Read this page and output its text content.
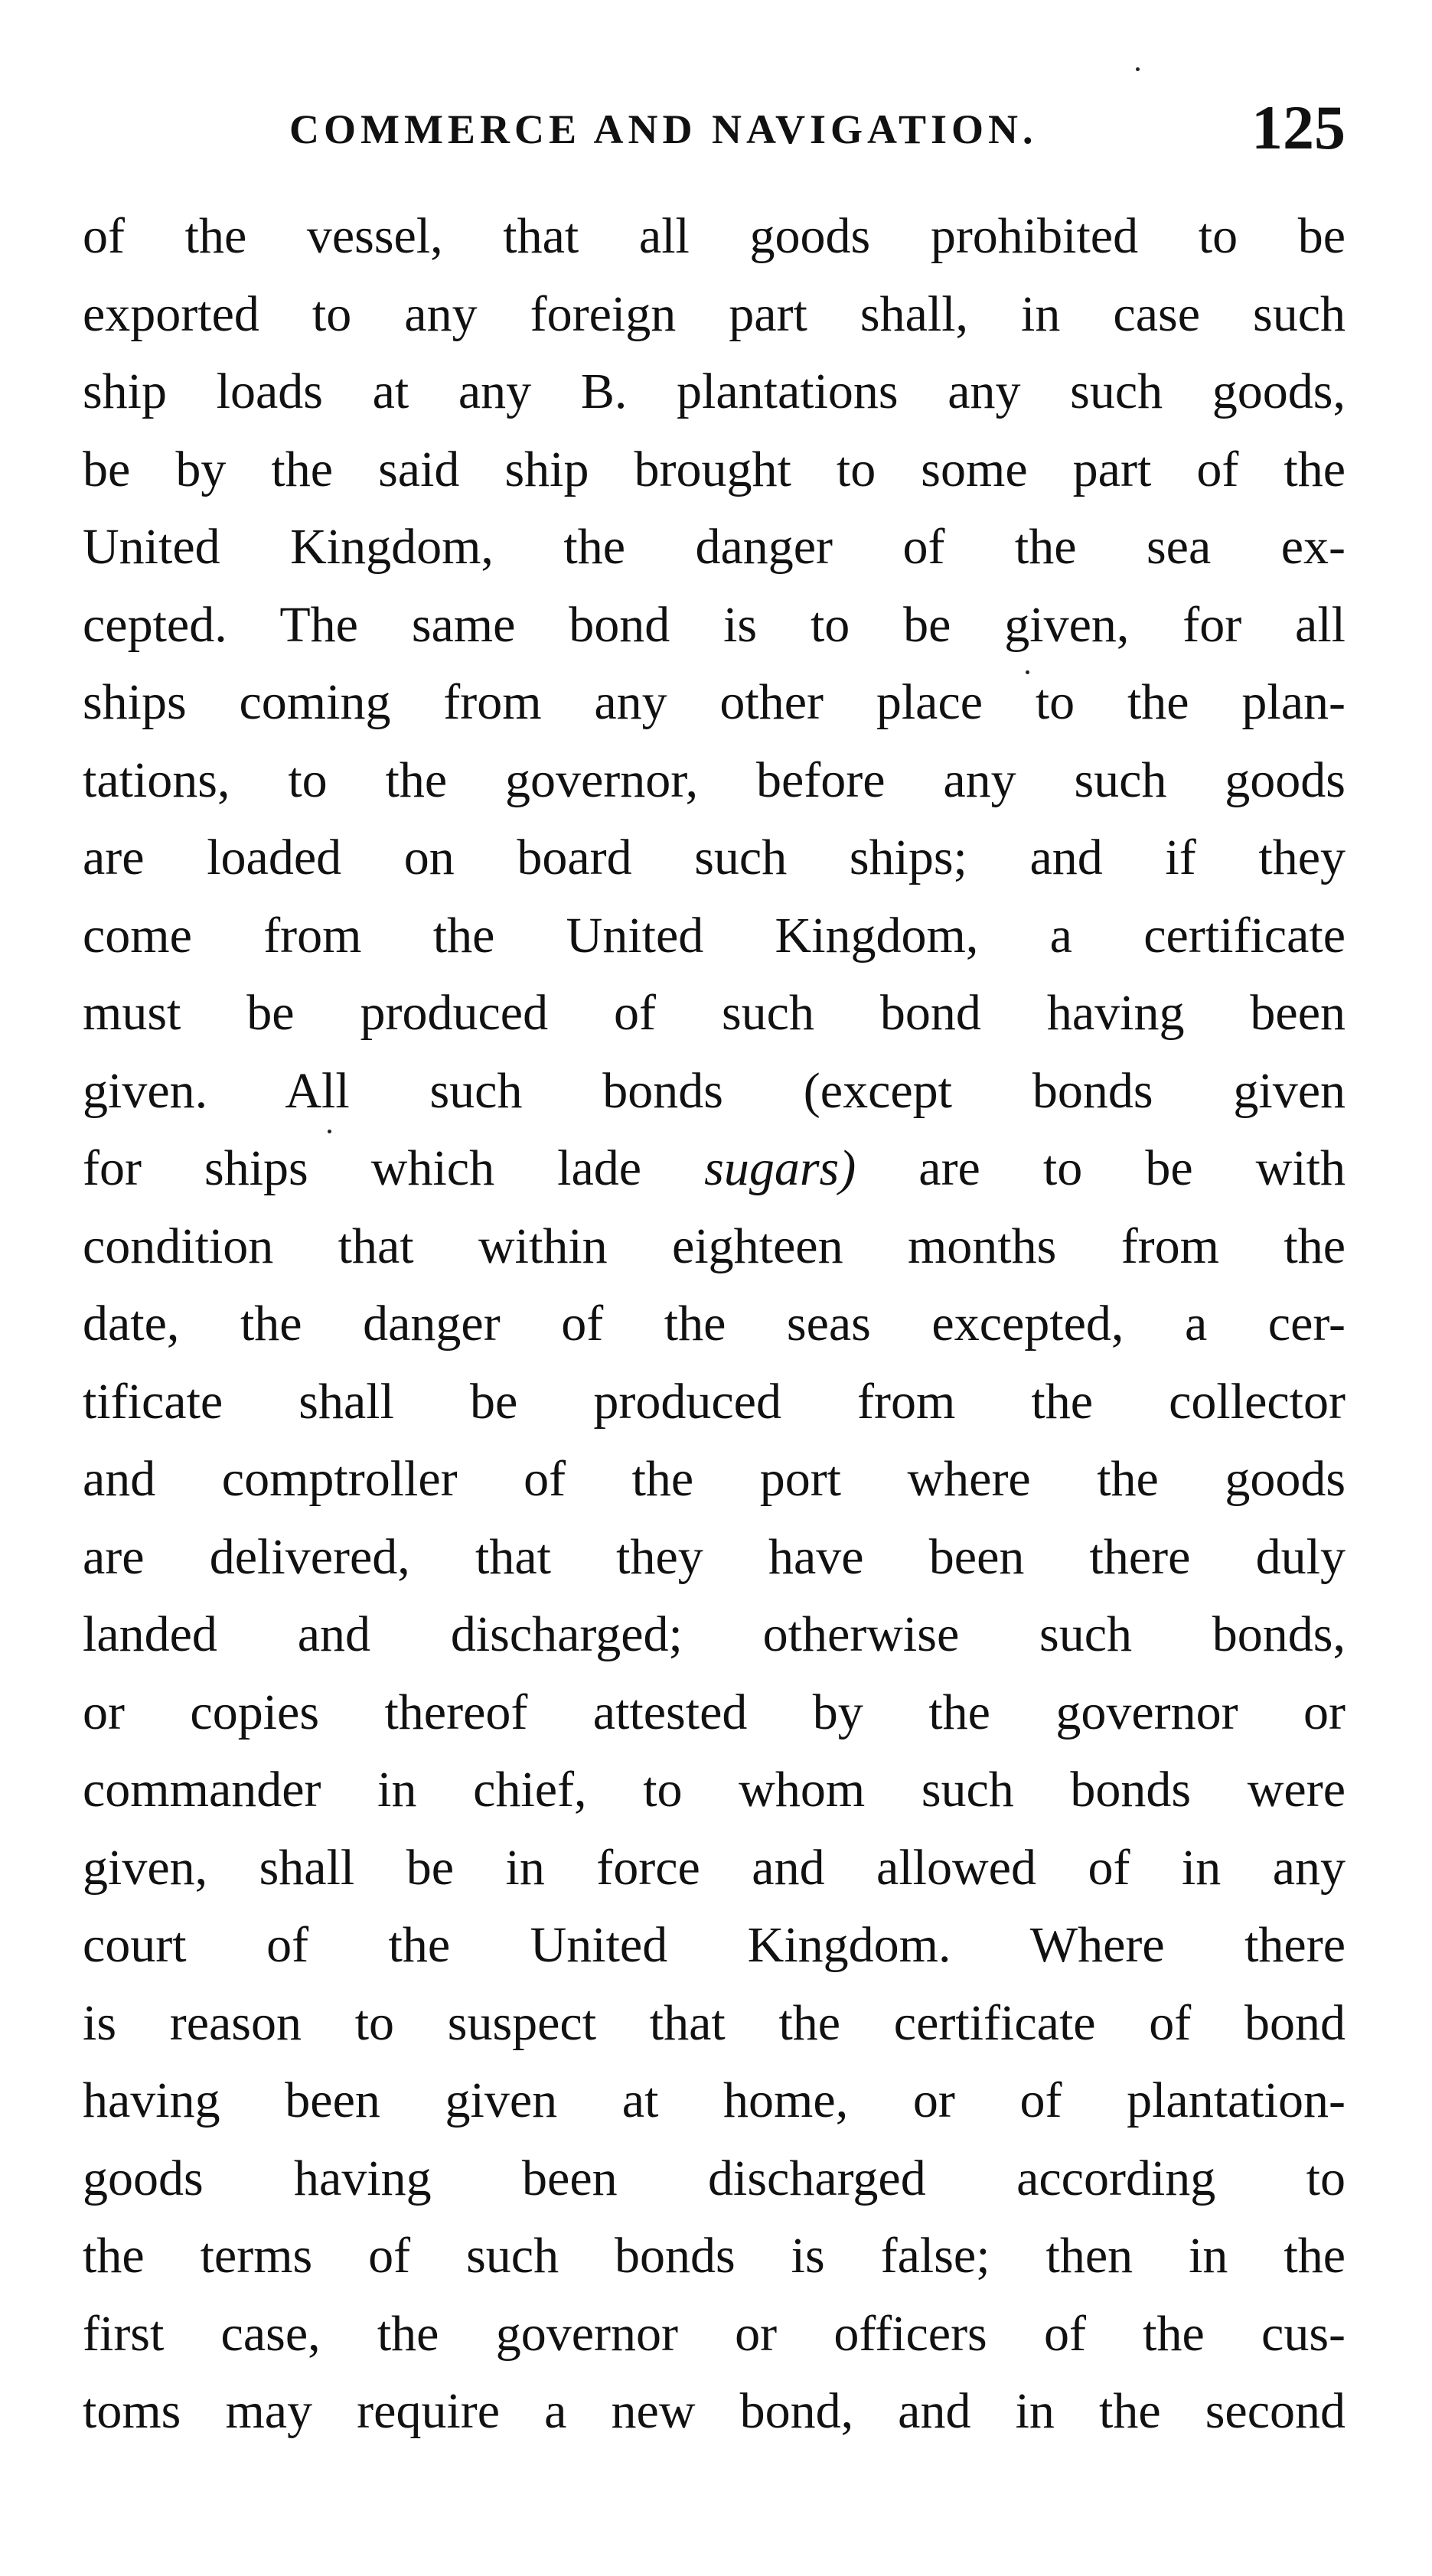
COMMERCE AND NAVIGATION.	125
of the vessel, that all goods prohibited to be
exported to any foreign part shall, in case such
ship loads at any B. plantations any such goods,
be by the said ship brought to some part of the
United Kingdom, the danger of the sea ex-
cepted. The same bond is to be given, for all
ships coming from any other place to the plan-
tations, to the governor, before any such goods
are loaded on board such ships; and if they
come from the United Kingdom, a certificate
must be produced of such bond having been
given. All such bonds (except bonds given
for ships which lade sugars) are to be with
condition that within eighteen months from the
date, the danger of the seas excepted, a cer-
tificate shall be produced from the collector
and comptroller of the port where the goods
are delivered, that they have been there duly
landed and discharged; otherwise such bonds,
or copies thereof attested by the governor or
commander in chief, to whom such bonds were
given, shall be in force and allowed of in any
court of the United Kingdom. Where there
is reason to suspect that the certificate of bond
having been given at home, or of plantation-
goods having been discharged according to
the terms of such bonds is false; then in the
first case, the governor or officers of the cus-
toms may require a new bond, and in the second
